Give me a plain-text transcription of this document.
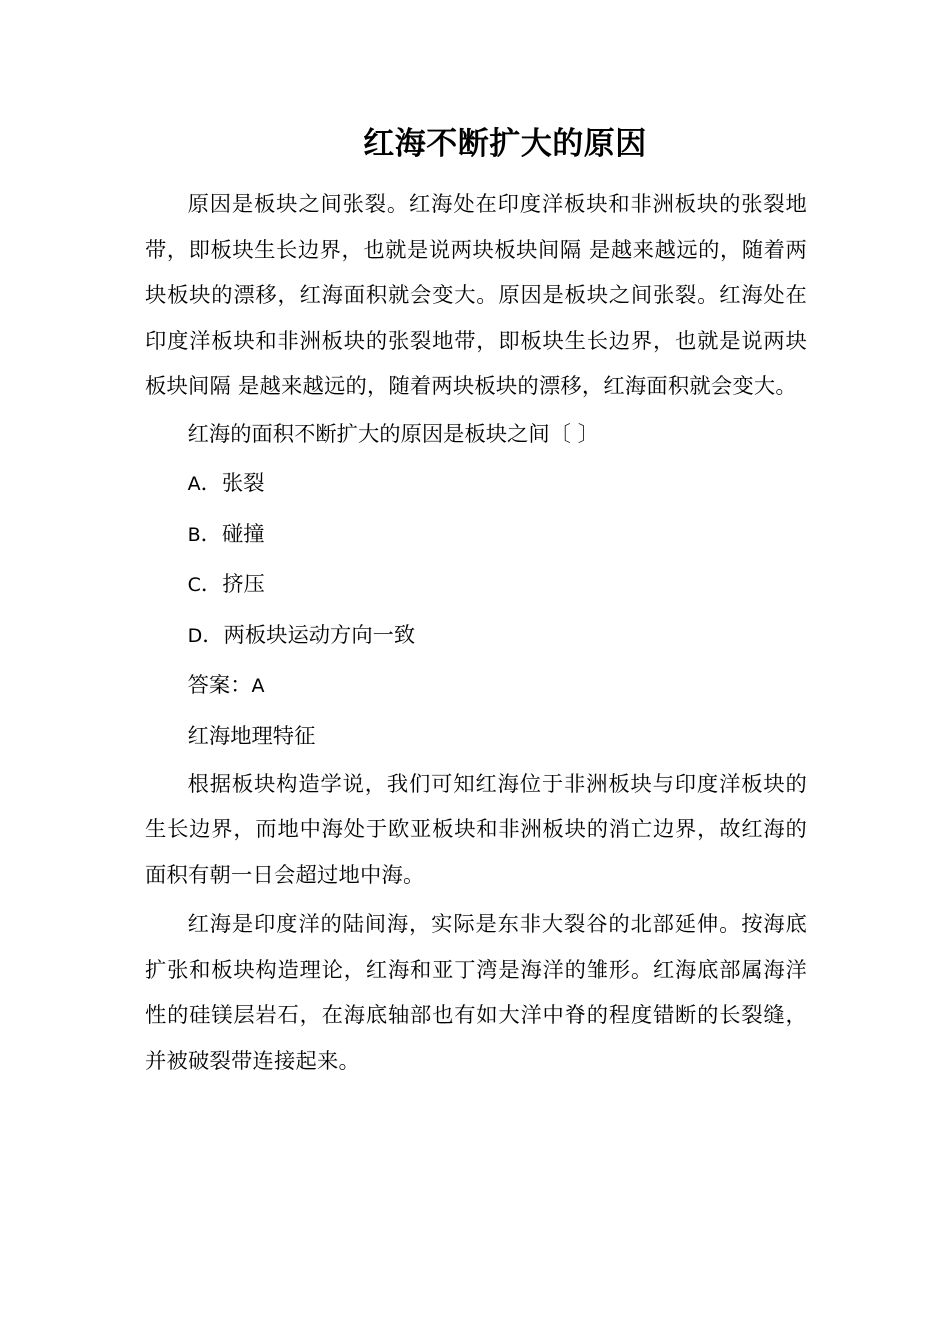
红海不断扩大的原因

原因是板块之间张裂。红海处在印度洋板块和非洲板块的张裂地带，即板块生长边界，也就是说两块板块间隔 是越来越远的，随着两块板块的漂移，红海面积就会变大。原因是板块之间张裂。红海处在印度洋板块和非洲板块的张裂地带，即板块生长边界，也就是说两块板块间隔 是越来越远的，随着两块板块的漂移，红海面积就会变大。

红海的面积不断扩大的原因是板块之间〔 〕

A．张裂

B．碰撞

C．挤压

D．两板块运动方向一致

答案：A

红海地理特征

根据板块构造学说，我们可知红海位于非洲板块与印度洋板块的生长边界，而地中海处于欧亚板块和非洲板块的消亡边界，故红海的面积有朝一日会超过地中海。

红海是印度洋的陆间海，实际是东非大裂谷的北部延伸。按海底扩张和板块构造理论，红海和亚丁湾是海洋的雏形。红海底部属海洋性的硅镁层岩石，在海底轴部也有如大洋中脊的程度错断的长裂缝，并被破裂带连接起来。
